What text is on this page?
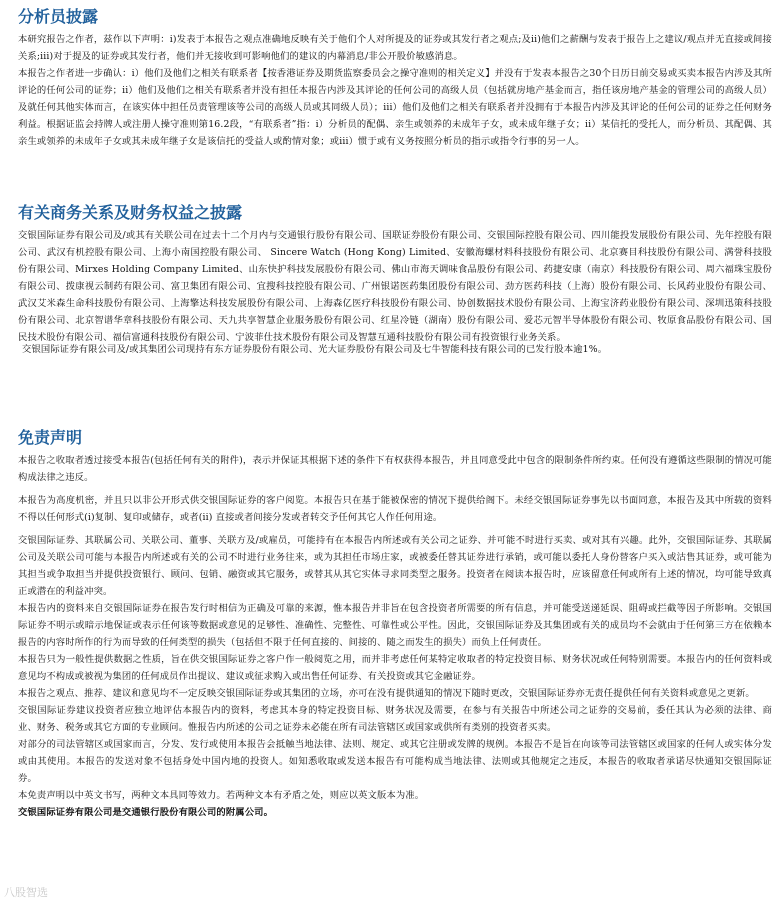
分析员披露

本研究报告之作者，兹作以下声明：i)发表于本报告之观点准确地反映有关于他们个人对所提及的证券或其发行者之观点;及ii)他们之薪酬与发表于报告上之建议/观点并无直接或间接关系;iii)对于提及的证券或其发行者，他们并无接收到可影响他们的建议的内幕消息/非公开股价敏感消息。

本报告之作者进一步确认：i）他们及他们之相关有联系者【按香港证券及期货监察委员会之操守准则的相关定义】并没有于发表本报告之30个日历日前交易或买卖本报告内涉及其所评论的任何公司的证券；ii）他们及他们之相关有联系者并没有担任本报告内涉及其评论的任何公司的高级人员（包括就房地产基金而言，指任该房地产基金的管理公司的高级人员）及就任何其他实体而言，在该实体中担任员责管理该等公司的高级人员或其同级人员）；iii）他们及他们之相关有联系者并没拥有于本报告内涉及其评论的任何公司的证券之任何财务利益。根据证监会持牌人或注册人操守准则第16.2段，“有联系者”指：i）分析员的配偶、亲生或领养的未成年子女，或未成年继子女；ii）某信托的受托人，而分析员、其配偶、其亲生或领养的未成年子女或其未成年继子女是该信托的受益人或酌情对象；或iii）惯于或有义务按照分析员的指示或指令行事的另一人。

有关商务关系及财务权益之披露

交银国际证券有限公司及/或其有关联公司在过去十二个月内与交通银行股份有限公司、国联证券股份有限公司、交银国际控股有限公司、四川能投发展股份有限公司、先年控股有限公司、武汉有机控股有限公司、上海小南国控股有限公司、 Sincere Watch (Hong Kong) Limited、安徽海螺材料科技股份有限公司、北京赛目科技股份有限公司、满誉科技股份有限公司、Mirxes Holding Company Limited、山东快护科技发展股份有限公司、佛山市海天调味食品股份有限公司、药捷安康（南京）科技股份有限公司、周六福珠宝股份有限公司、拨康视云制药有限公司、富卫集团有限公司、宜搜科技控股有限公司、广州银诺医药集团股份有限公司、劲方医药科技（上海）股份有限公司、长风药业股份有限公司、武汉艾米森生命科技股份有限公司、上海擎达科技发展股份有限公司、上海森亿医疗科技股份有限公司、协创数据技术股份有限公司、上海宝济药业股份有限公司、深圳迅策科技股份有限公司、北京智谱华章科技股份有限公司、天九共享智慧企业服务股份有限公司、红星冷链（湖南）股份有限公司、爱芯元智半导体股份有限公司、牧原食品股份有限公司、国民技术股份有限公司、福信富通科技股份有限公司、宁波菲仕技术股份有限公司及智慧互通科技股份有限公司有投资银行业务关系。

交银国际证券有限公司及/或其集团公司现持有东方证券股份有限公司、光大证券股份有限公司及七牛智能科技有限公司的已发行股本逾1%。

免责声明

本报告之收取者透过接受本报告(包括任何有关的附件)，表示并保证其根据下述的条件下有权获得本报告，并且同意受此中包含的限制条件所约束。任何没有遵循这些限制的情况可能构成法律之违反。

本报告为高度机密，并且只以非公开形式供交银国际证券的客户阅览。本报告只在基于能被保密的情况下提供给阁下。未经交银国际证券事先以书面同意，本报告及其中所载的资料不得以任何形式(i)复制、复印或储存，或者(ii) 直接或者间接分发或者转交予任何其它人作任何用途。

交银国际证券、其联属公司、关联公司、董事、关联方及/或雇员，可能持有在本报告内所述或有关公司之证券、并可能不时进行买卖、或对其有兴趣。此外，交银国际证券、其联属公司及关联公司可能与本报告内所述或有关的公司不时进行业务往来，或为其担任市场庄家，或被委任替其证券进行承销，或可能以委托人身份替客户买入或沽售其证券，或可能为其担当或争取担当并提供投资银行、顾问、包销、融资或其它服务，或替其从其它实体寻求同类型之服务。投资者在阅读本报告时，应该留意任何或所有上述的情况，均可能导致真正或潜在的利益冲突。

本报告内的资料来自交银国际证券在报告发行时相信为正确及可靠的来源，惟本报告并非旨在包含投资者所需要的所有信息，并可能受送递延误、阻碍或拦截等因子所影响。交银国际证券不明示或暗示地保证或表示任何该等数据或意见的足够性、准确性、完整性、可靠性或公平性。因此，交银国际证券及其集团或有关的成员均不会就由于任何第三方在依赖本报告的内容时所作的行为而导致的任何类型的损失（包括但不限于任何直接的、间接的、随之而发生的损失）而负上任何责任。

本报告只为一般性提供数据之性质，旨在供交银国际证券之客户作一般阅览之用，而并非考虑任何某特定收取者的特定投资目标、财务状况或任何特别需要。本报告内的任何资料或意见均不构成或被视为集团的任何成员作出提议、建议或征求购入或出售任何证券、有关投资或其它金融证券。

本报告之观点、推荐、建议和意见均不一定反映交银国际证券或其集团的立场，亦可在没有提供通知的情况下随时更改，交银国际证券亦无责任提供任何有关资料或意见之更新。

交银国际证券建议投资者应独立地评估本报告内的资料，考虑其本身的特定投资目标、财务状况及需要，在参与有关报告中所述公司之证券的交易前，委任其认为必须的法律、商业、财务、税务或其它方面的专业顾问。惟报告内所述的公司之证券未必能在所有司法管辖区或国家或供所有类别的投资者买卖。

对部分的司法管辖区或国家而言，分发、发行或使用本报告会抵触当地法律、法则、规定、或其它注册或发牌的规例。本报告不是旨在向该等司法管辖区或国家的任何人或实体分发或由其使用。本报告的发送对象不包括身处中国内地的投资人。如知悉收取或发送本报告有可能构成当地法律、法则或其他规定之违反，本报告的收取者承诺尽快通知交银国际证券。

本免责声明以中英文书写，两种文本具同等效力。若两种文本有矛盾之处，则应以英文版本为准。

交银国际证券有限公司是交通银行股份有限公司的附属公司。

八股智选
